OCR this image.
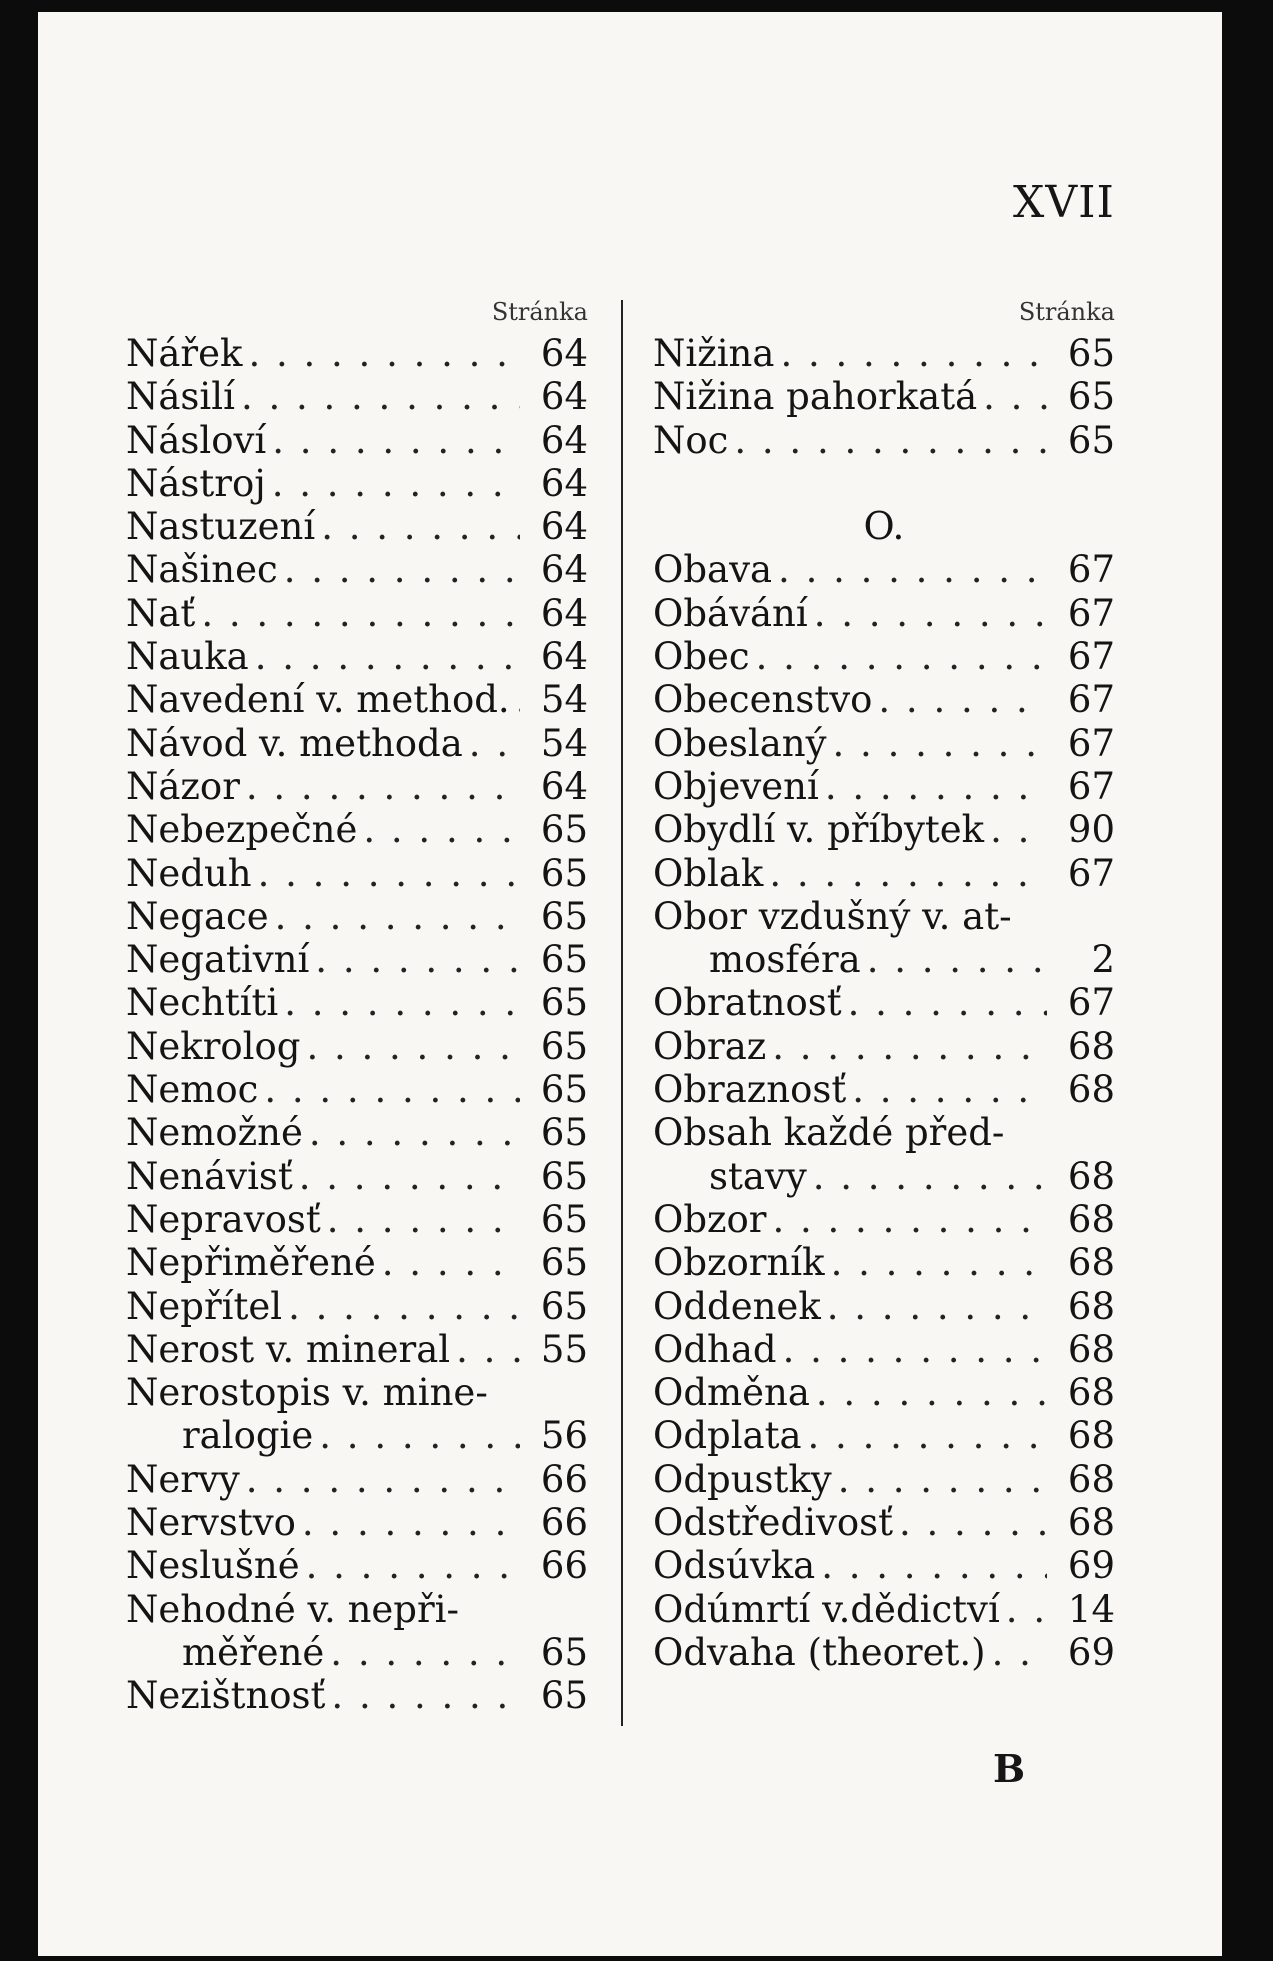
XVII
Stránka
Nářek . . .	64
Násilí . . .	64
Násloví . . .	64
Nástroj . . .	64
Nastuzení . . .	64
Našinec . . .	64
Nať . . .	64
Nauka . . .	64
Navedení v. method. . . . 54
Návod v. methoda . . . 54
Názor . . .	64
Nebezpečné . . .	65
Neduh . . .	65
Negace . . .	65
Negativní . . .	65
Nechtíti . . .	65
Nekrolog . . .	65
Nemoc . . .	65
Nemožné . . .	65
Nenávisť . . .	65
Nepravosť . . .	65
Nepřiměřené . . .	65
Nepřítel . . .	65
Nerost v. mineral . . . 55
Nerostopis v. mine-
ralogie . . .	56
Nervy . . .	66
Nervstvo . . .	66
Neslušné . . .	66
Nehodné v. nepři-
měřené . . .	65
Nezištnosť . . .	65
Stránka
Nižina . . .	65
Nižina pahorkatá . . . 65
Noc . . .	65
O.
Obava . . .	67
Obávání . . .	67
Obec . . .	67
Obecenstvo . . .	67
Obeslaný . . .	67
Objevení . . .	67
Obydlí v. příbytek . . . 90
Oblak . . .	67
Obor vzdušný v. at-
mosféra . . .	2
Obratnosť . . .	67
Obraz . . .	68
Obraznosť . . .	68
Obsah každé před-
stavy . . .	68
Obzor . . .	68
Obzorník . . .	68
Oddenek . . .	68
Odhad . . .	68
Odměna . . .	68
Odplata . . .	68
Odpustky . . .	68
Odstředivosť . . .	68
Odsúvka . . .	69
Odúmrtí v.dědictví . . . 14
Odvaha (theoret.) . . . 69
B
